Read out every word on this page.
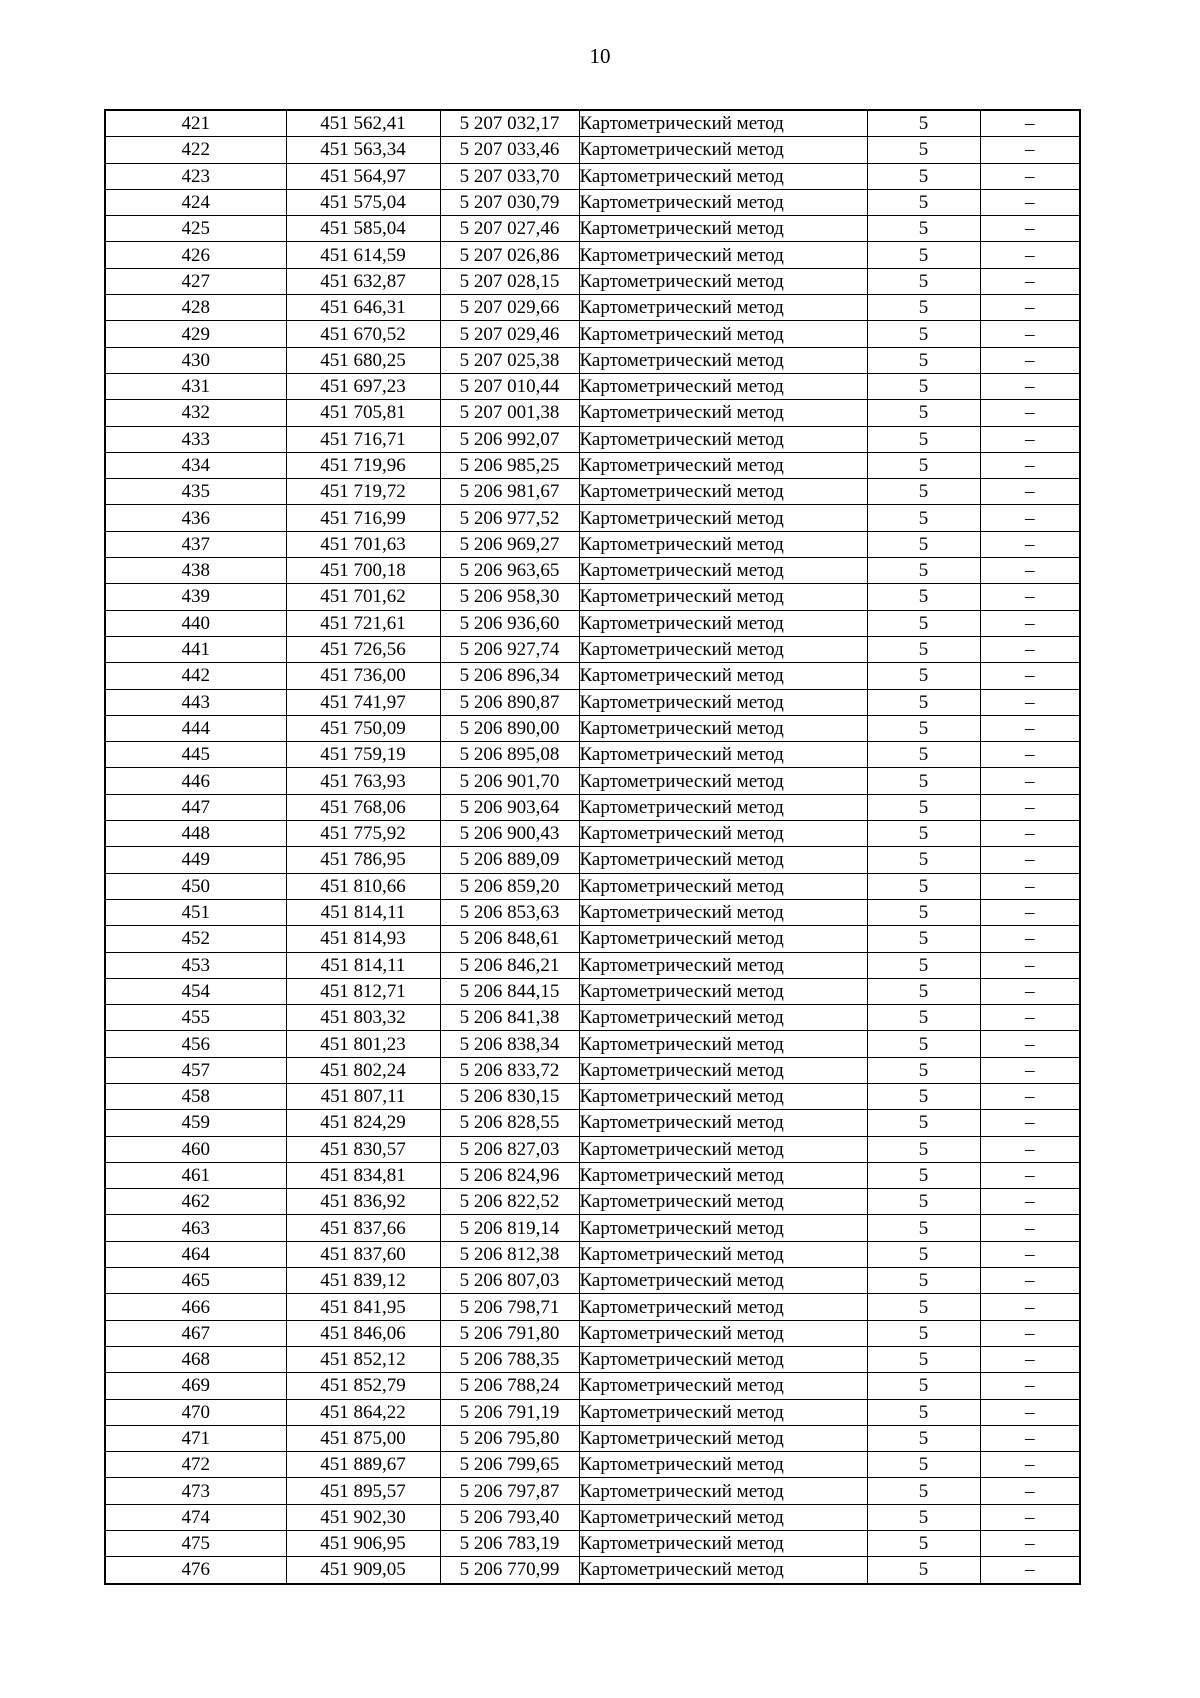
10
421	451 562,41	5 207 032,17	Картометрический метод	5	–
422	451 563,34	5 207 033,46	Картометрический метод	5	–
423	451 564,97	5 207 033,70	Картометрический метод	5	–
424	451 575,04	5 207 030,79	Картометрический метод	5	–
425	451 585,04	5 207 027,46	Картометрический метод	5	–
426	451 614,59	5 207 026,86	Картометрический метод	5	–
427	451 632,87	5 207 028,15	Картометрический метод	5	–
428	451 646,31	5 207 029,66	Картометрический метод	5	–
429	451 670,52	5 207 029,46	Картометрический метод	5	–
430	451 680,25	5 207 025,38	Картометрический метод	5	–
431	451 697,23	5 207 010,44	Картометрический метод	5	–
432	451 705,81	5 207 001,38	Картометрический метод	5	–
433	451 716,71	5 206 992,07	Картометрический метод	5	–
434	451 719,96	5 206 985,25	Картометрический метод	5	–
435	451 719,72	5 206 981,67	Картометрический метод	5	–
436	451 716,99	5 206 977,52	Картометрический метод	5	–
437	451 701,63	5 206 969,27	Картометрический метод	5	–
438	451 700,18	5 206 963,65	Картометрический метод	5	–
439	451 701,62	5 206 958,30	Картометрический метод	5	–
440	451 721,61	5 206 936,60	Картометрический метод	5	–
441	451 726,56	5 206 927,74	Картометрический метод	5	–
442	451 736,00	5 206 896,34	Картометрический метод	5	–
443	451 741,97	5 206 890,87	Картометрический метод	5	–
444	451 750,09	5 206 890,00	Картометрический метод	5	–
445	451 759,19	5 206 895,08	Картометрический метод	5	–
446	451 763,93	5 206 901,70	Картометрический метод	5	–
447	451 768,06	5 206 903,64	Картометрический метод	5	–
448	451 775,92	5 206 900,43	Картометрический метод	5	–
449	451 786,95	5 206 889,09	Картометрический метод	5	–
450	451 810,66	5 206 859,20	Картометрический метод	5	–
451	451 814,11	5 206 853,63	Картометрический метод	5	–
452	451 814,93	5 206 848,61	Картометрический метод	5	–
453	451 814,11	5 206 846,21	Картометрический метод	5	–
454	451 812,71	5 206 844,15	Картометрический метод	5	–
455	451 803,32	5 206 841,38	Картометрический метод	5	–
456	451 801,23	5 206 838,34	Картометрический метод	5	–
457	451 802,24	5 206 833,72	Картометрический метод	5	–
458	451 807,11	5 206 830,15	Картометрический метод	5	–
459	451 824,29	5 206 828,55	Картометрический метод	5	–
460	451 830,57	5 206 827,03	Картометрический метод	5	–
461	451 834,81	5 206 824,96	Картометрический метод	5	–
462	451 836,92	5 206 822,52	Картометрический метод	5	–
463	451 837,66	5 206 819,14	Картометрический метод	5	–
464	451 837,60	5 206 812,38	Картометрический метод	5	–
465	451 839,12	5 206 807,03	Картометрический метод	5	–
466	451 841,95	5 206 798,71	Картометрический метод	5	–
467	451 846,06	5 206 791,80	Картометрический метод	5	–
468	451 852,12	5 206 788,35	Картометрический метод	5	–
469	451 852,79	5 206 788,24	Картометрический метод	5	–
470	451 864,22	5 206 791,19	Картометрический метод	5	–
471	451 875,00	5 206 795,80	Картометрический метод	5	–
472	451 889,67	5 206 799,65	Картометрический метод	5	–
473	451 895,57	5 206 797,87	Картометрический метод	5	–
474	451 902,30	5 206 793,40	Картометрический метод	5	–
475	451 906,95	5 206 783,19	Картометрический метод	5	–
476	451 909,05	5 206 770,99	Картометрический метод	5	–
